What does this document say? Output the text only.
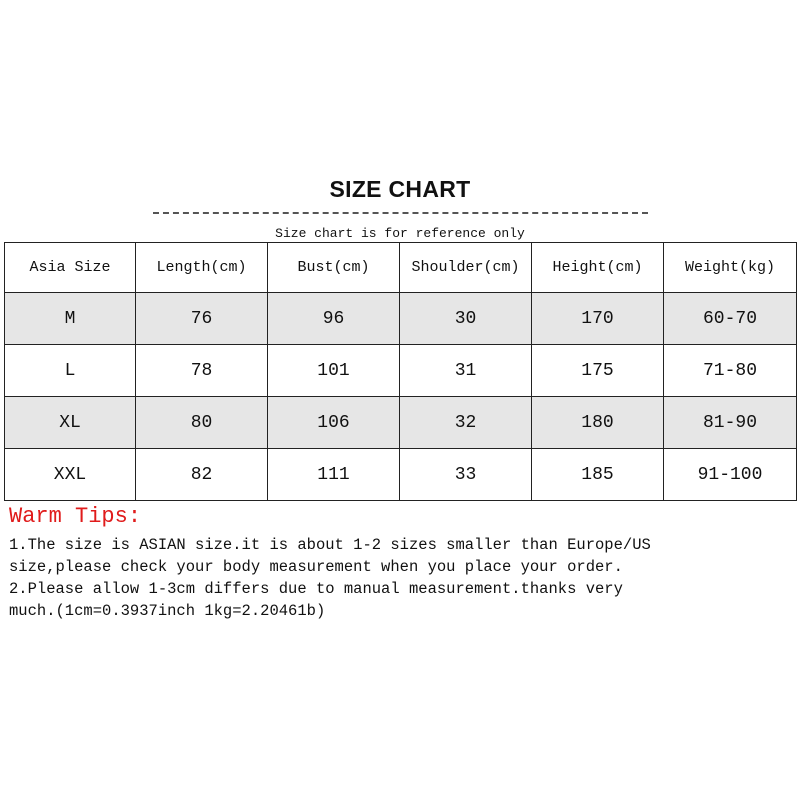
SIZE CHART
Size chart is for reference only
Asia Size	Length(cm)	Bust(cm)	Shoulder(cm)	Height(cm)	Weight(kg)
M	76	96	30	170	60-70
L	78	101	31	175	71-80
XL	80	106	32	180	81-90
XXL	82	111	33	185	91-100
Warm Tips:
1.The size is ASIAN size.it is about 1-2 sizes smaller than Europe/US
size,please check your body measurement when you place your order.
2.Please allow 1-3cm differs due to manual measurement.thanks very
much.(1cm=0.3937inch 1kg=2.20461b)
